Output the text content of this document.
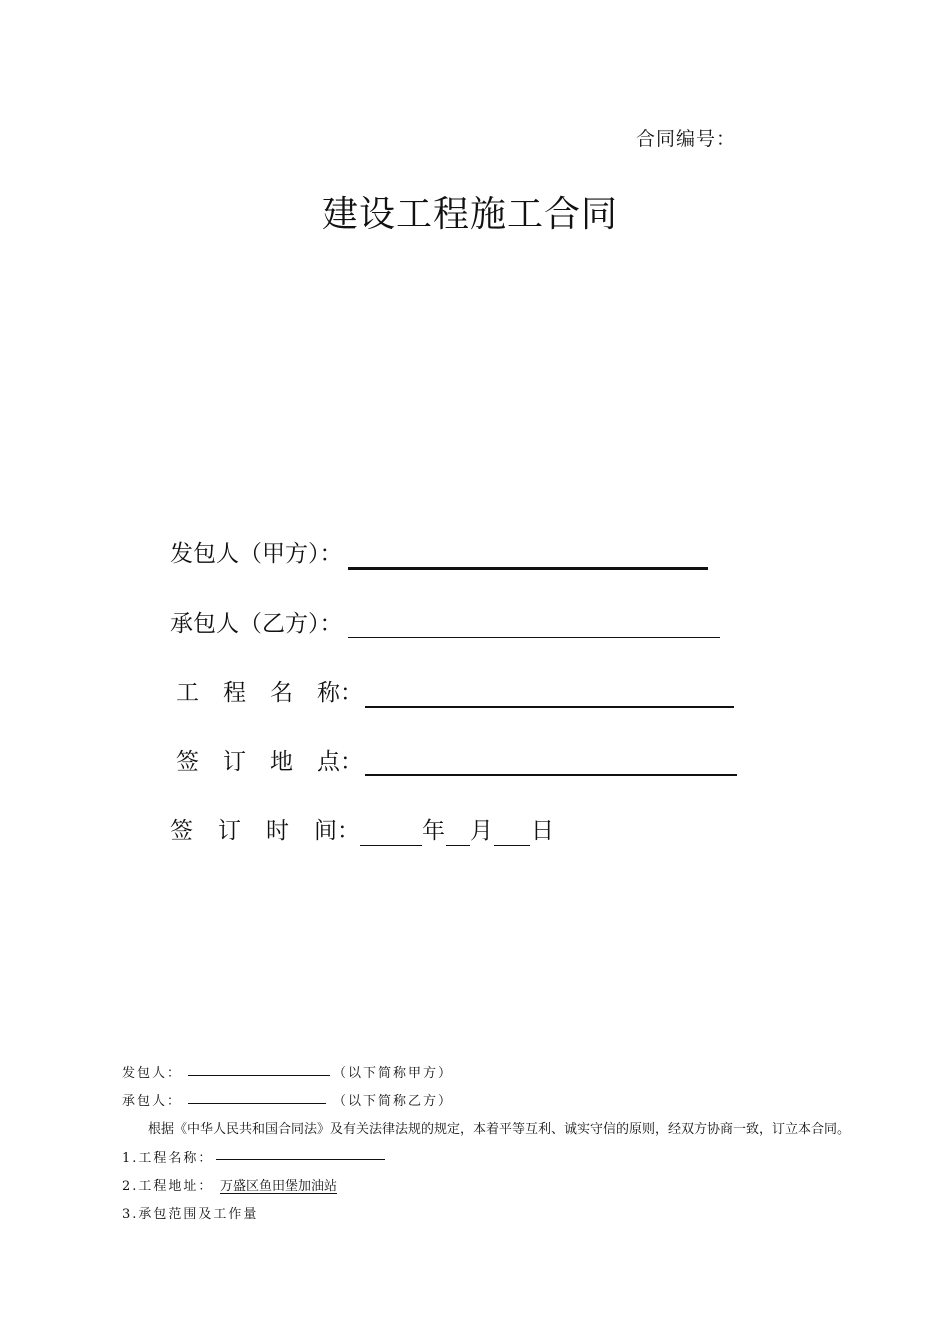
合同编号：
建设工程施工合同
发包人（甲方）：
承包人（乙方）：
工 程 名 称：
签 订 地 点：
签 订 时 间：	年 月 日
发包人：	（以下简称甲方）
承包人：	（以下简称乙方）
根据《中华人民共和国合同法》及有关法律法规的规定，本着平等互利、诚实守信的原则，经双方协商一致，订立本合同。
1.工程名称：
2.工程地址： 万盛区鱼田堡加油站
3.承包范围及工作量
